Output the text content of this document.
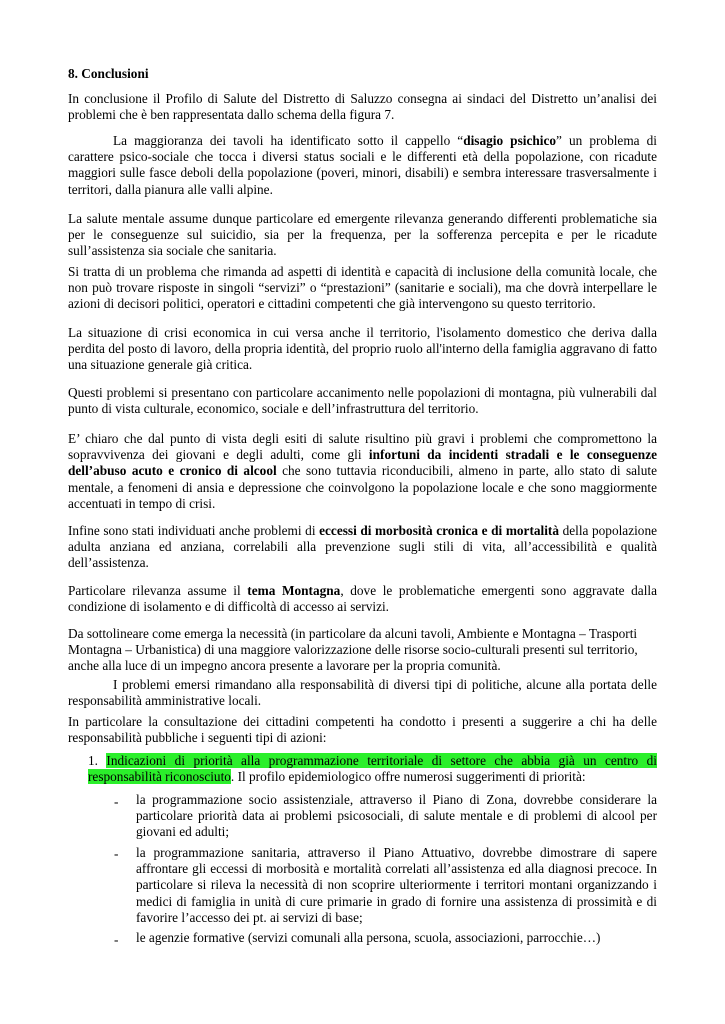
8. Conclusioni

In conclusione il Profilo di Salute del Distretto di Saluzzo consegna ai sindaci del Distretto un’analisi dei problemi che è ben rappresentata dallo schema della figura 7.

La maggioranza dei tavoli ha identificato sotto il cappello “disagio psichico” un problema di carattere psico-sociale che tocca i diversi status sociali e le differenti età della popolazione, con ricadute maggiori sulle fasce deboli della popolazione (poveri, minori, disabili) e sembra interessare trasversalmente i territori, dalla pianura alle valli alpine.

La salute mentale assume dunque particolare ed emergente rilevanza generando differenti problematiche sia per le conseguenze sul suicidio, sia per la frequenza, per la sofferenza percepita e per le ricadute sull’assistenza sia sociale che sanitaria.

Si tratta di un problema che rimanda ad aspetti di identità e capacità di inclusione della comunità locale, che non può trovare risposte in singoli “servizi” o “prestazioni” (sanitarie e sociali), ma che dovrà interpellare le azioni di decisori politici, operatori e cittadini competenti che già intervengono su questo territorio.

La situazione di crisi economica in cui versa anche il territorio, l'isolamento domestico che deriva dalla perdita del posto di lavoro, della propria identità, del proprio ruolo all'interno della famiglia aggravano di fatto una situazione generale già critica.

Questi problemi si presentano con particolare accanimento nelle popolazioni di montagna, più vulnerabili dal punto di vista culturale, economico, sociale e dell’infrastruttura del territorio.

E’ chiaro che dal punto di vista degli esiti di salute risultino più gravi i problemi che compromettono la sopravvivenza dei giovani e degli adulti, come gli infortuni da incidenti stradali e le conseguenze dell’abuso acuto e cronico di alcool che sono tuttavia riconducibili, almeno in parte, allo stato di salute mentale, a fenomeni di ansia e depressione che coinvolgono la popolazione locale e che sono maggiormente accentuati in tempo di crisi.

Infine sono stati individuati anche problemi di eccessi di morbosità cronica e di mortalità della popolazione adulta anziana ed anziana, correlabili alla prevenzione sugli stili di vita, all’accessibilità e qualità dell’assistenza.

Particolare rilevanza assume il tema Montagna, dove le problematiche emergenti sono aggravate dalla condizione di isolamento e di difficoltà di accesso ai servizi.

Da sottolineare come emerga la necessità (in particolare da alcuni tavoli, Ambiente e Montagna – Trasporti Montagna – Urbanistica) di una maggiore valorizzazione delle risorse socio-culturali presenti sul territorio, anche alla luce di un impegno ancora presente a lavorare per la propria comunità.

I problemi emersi rimandano alla responsabilità di diversi tipi di politiche, alcune alla portata delle responsabilità amministrative locali.

In particolare la consultazione dei cittadini competenti ha condotto i presenti a suggerire a chi ha delle responsabilità pubbliche i seguenti tipi di azioni:

1. Indicazioni di priorità alla programmazione territoriale di settore che abbia già un centro di responsabilità riconosciuto. Il profilo epidemiologico offre numerosi suggerimenti di priorità:

-	la programmazione socio assistenziale, attraverso il Piano di Zona, dovrebbe considerare la particolare priorità data ai problemi psicosociali, di salute mentale e di problemi di alcool per giovani ed adulti;

-	la programmazione sanitaria, attraverso il Piano Attuativo, dovrebbe dimostrare di sapere affrontare gli eccessi di morbosità e mortalità correlati all’assistenza ed alla diagnosi precoce. In particolare si rileva la necessità di non scoprire ulteriormente i territori montani organizzando i medici di famiglia in unità di cure primarie in grado di fornire una assistenza di prossimità e di favorire l’accesso dei pt. ai servizi di base;

-	le agenzie formative (servizi comunali alla persona, scuola, associazioni, parrocchie…)
